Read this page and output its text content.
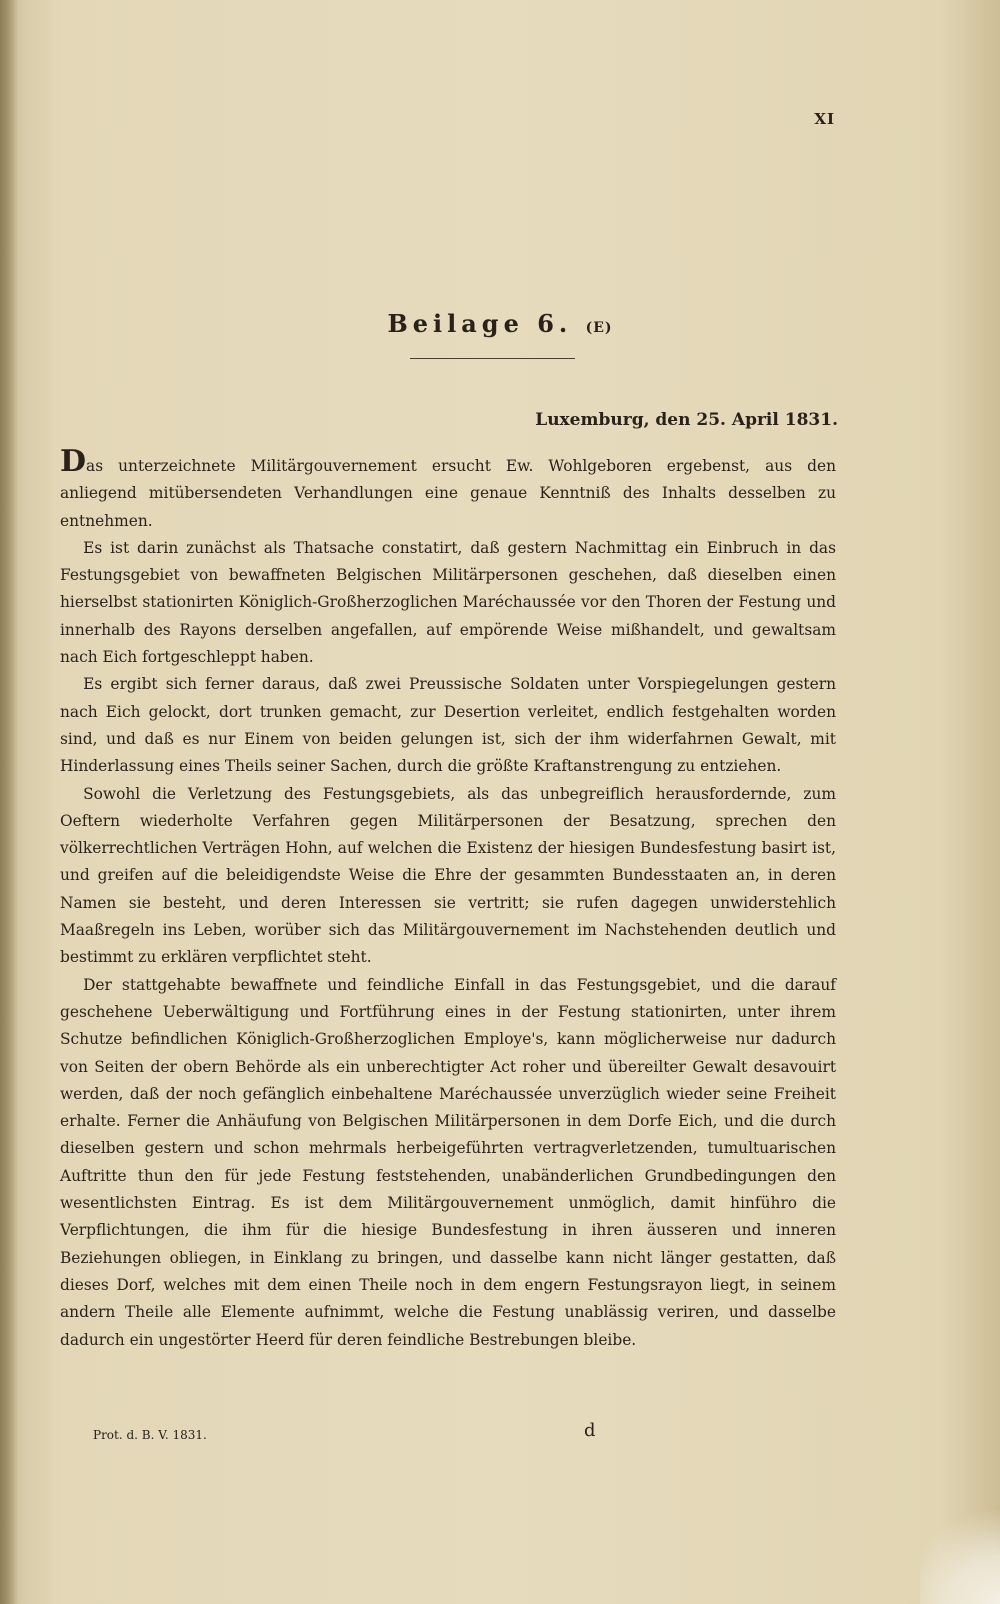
XI
Beilage 6. (E)
Luxemburg, den 25. April 1831.

Das unterzeichnete Militärgouvernement ersucht Ew. Wohlgeboren ergebenst, aus den anliegend mitübersendeten Verhandlungen eine genaue Kenntniß des Inhalts desselben zu entnehmen.

Es ist darin zunächst als Thatsache constatirt, daß gestern Nachmittag ein Einbruch in das Festungsgebiet von bewaffneten Belgischen Militärpersonen geschehen, daß dieselben einen hierselbst stationirten Königlich-Großherzoglichen Maréchaussée vor den Thoren der Festung und innerhalb des Rayons derselben angefallen, auf empörende Weise mißhandelt, und gewaltsam nach Eich fortgeschleppt haben.

Es ergibt sich ferner daraus, daß zwei Preussische Soldaten unter Vorspiegelungen gestern nach Eich gelockt, dort trunken gemacht, zur Desertion verleitet, endlich festgehalten worden sind, und daß es nur Einem von beiden gelungen ist, sich der ihm widerfahrnen Gewalt, mit Hinderlassung eines Theils seiner Sachen, durch die größte Kraftanstrengung zu entziehen.

Sowohl die Verletzung des Festungsgebiets, als das unbegreiflich herausfordernde, zum Oeftern wiederholte Verfahren gegen Militärpersonen der Besatzung, sprechen den völkerrechtlichen Verträgen Hohn, auf welchen die Existenz der hiesigen Bundesfestung basirt ist, und greifen auf die beleidigendste Weise die Ehre der gesammten Bundesstaaten an, in deren Namen sie besteht, und deren Interessen sie vertritt; sie rufen dagegen unwiderstehlich Maaßregeln ins Leben, worüber sich das Militärgouvernement im Nachstehenden deutlich und bestimmt zu erklären verpflichtet steht.

Der stattgehabte bewaffnete und feindliche Einfall in das Festungsgebiet, und die darauf geschehene Ueberwältigung und Fortführung eines in der Festung stationirten, unter ihrem Schutze befindlichen Königlich-Großherzoglichen Employe's, kann möglicherweise nur dadurch von Seiten der obern Behörde als ein unberechtigter Act roher und übereilter Gewalt desavouirt werden, daß der noch gefänglich einbehaltene Maréchaussée unverzüglich wieder seine Freiheit erhalte. Ferner die Anhäufung von Belgischen Militärpersonen in dem Dorfe Eich, und die durch dieselben gestern und schon mehrmals herbeigeführten vertragverletzenden, tumultuarischen Auftritte thun den für jede Festung feststehenden, unabänderlichen Grundbedingungen den wesentlichsten Eintrag. Es ist dem Militärgouvernement unmöglich, damit hinführo die Verpflichtungen, die ihm für die hiesige Bundesfestung in ihren äusseren und inneren Beziehungen obliegen, in Einklang zu bringen, und dasselbe kann nicht länger gestatten, daß dieses Dorf, welches mit dem einen Theile noch in dem engern Festungsrayon liegt, in seinem andern Theile alle Elemente aufnimmt, welche die Festung unablässig veriren, und dasselbe dadurch ein ungestörter Heerd für deren feindliche Bestrebungen bleibe.

Prot. d. B. V. 1831.	d
